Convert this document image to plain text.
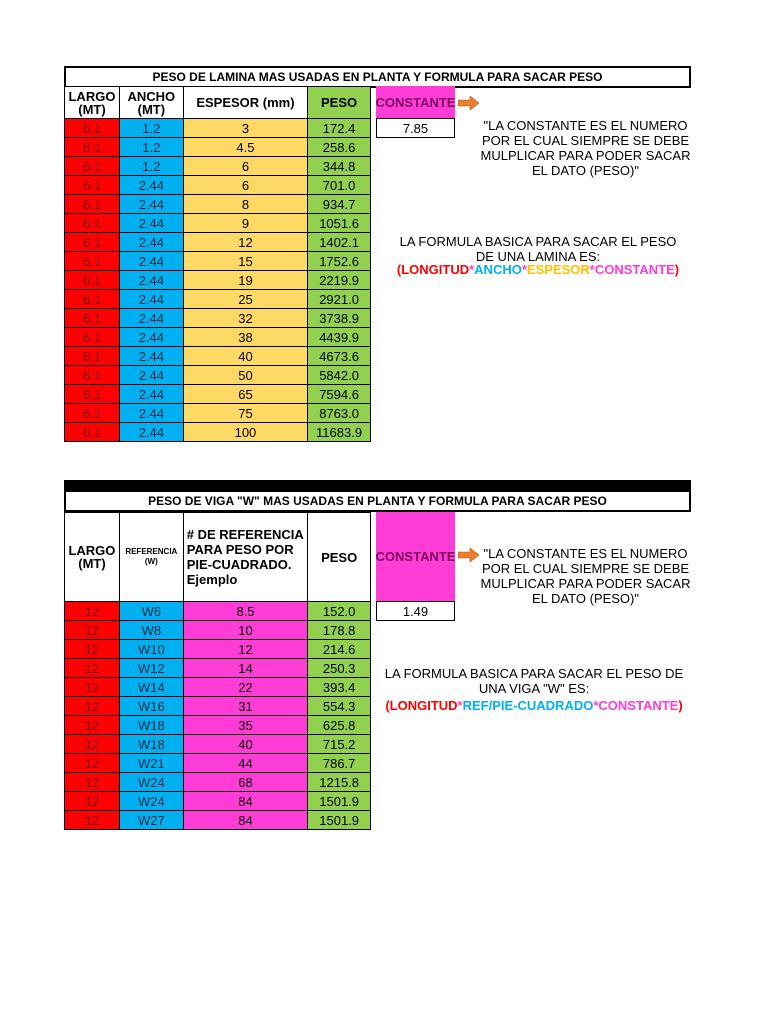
PESO DE LAMINA MAS USADAS EN PLANTA Y FORMULA PARA SACAR PESO
LARGO (MT)	ANCHO (MT)	ESPESOR (mm)	PESO
6.1	1.2	3	172.4
6.1	1.2	4.5	258.6
6.1	1.2	6	344.8
6.1	2.44	6	701.0
6.1	2.44	8	934.7
6.1	2.44	9	1051.6
6.1	2.44	12	1402.1
6.1	2.44	15	1752.6
6.1	2.44	19	2219.9
6.1	2.44	25	2921.0
6.1	2.44	32	3738.9
6.1	2.44	38	4439.9
6.1	2.44	40	4673.6
6.1	2.44	50	5842.0
6.1	2.44	65	7594.6
6.1	2.44	75	8763.0
6.1	2.44	100	11683.9
CONSTANTE
7.85	"LA CONSTANTE ES EL NUMERO POR EL CUAL SIEMPRE SE DEBE MULPLICAR PARA PODER SACAR EL DATO (PESO)"
LA FORMULA BASICA PARA SACAR EL PESO DE UNA LAMINA ES:
(LONGITUD*ANCHO*ESPESOR*CONSTANTE)
PESO DE VIGA "W" MAS USADAS EN PLANTA Y FORMULA PARA SACAR PESO
LARGO (MT)	REFERENCIA (W)	# DE REFERENCIA PARA PESO POR PIE-CUADRADO. Ejemplo	PESO
12	W6	8.5	152.0
12	W8	10	178.8
12	W10	12	214.6
12	W12	14	250.3
12	W14	22	393.4
12	W16	31	554.3
12	W18	35	625.8
12	W18	40	715.2
12	W21	44	786.7
12	W24	68	1215.8
12	W24	84	1501.9
12	W27	84	1501.9
CONSTANTE
1.49
"LA CONSTANTE ES EL NUMERO POR EL CUAL SIEMPRE SE DEBE MULPLICAR PARA PODER SACAR EL DATO (PESO)"
LA FORMULA BASICA PARA SACAR EL PESO DE UNA VIGA "W" ES:
(LONGITUD*REF/PIE-CUADRADO*CONSTANTE)
